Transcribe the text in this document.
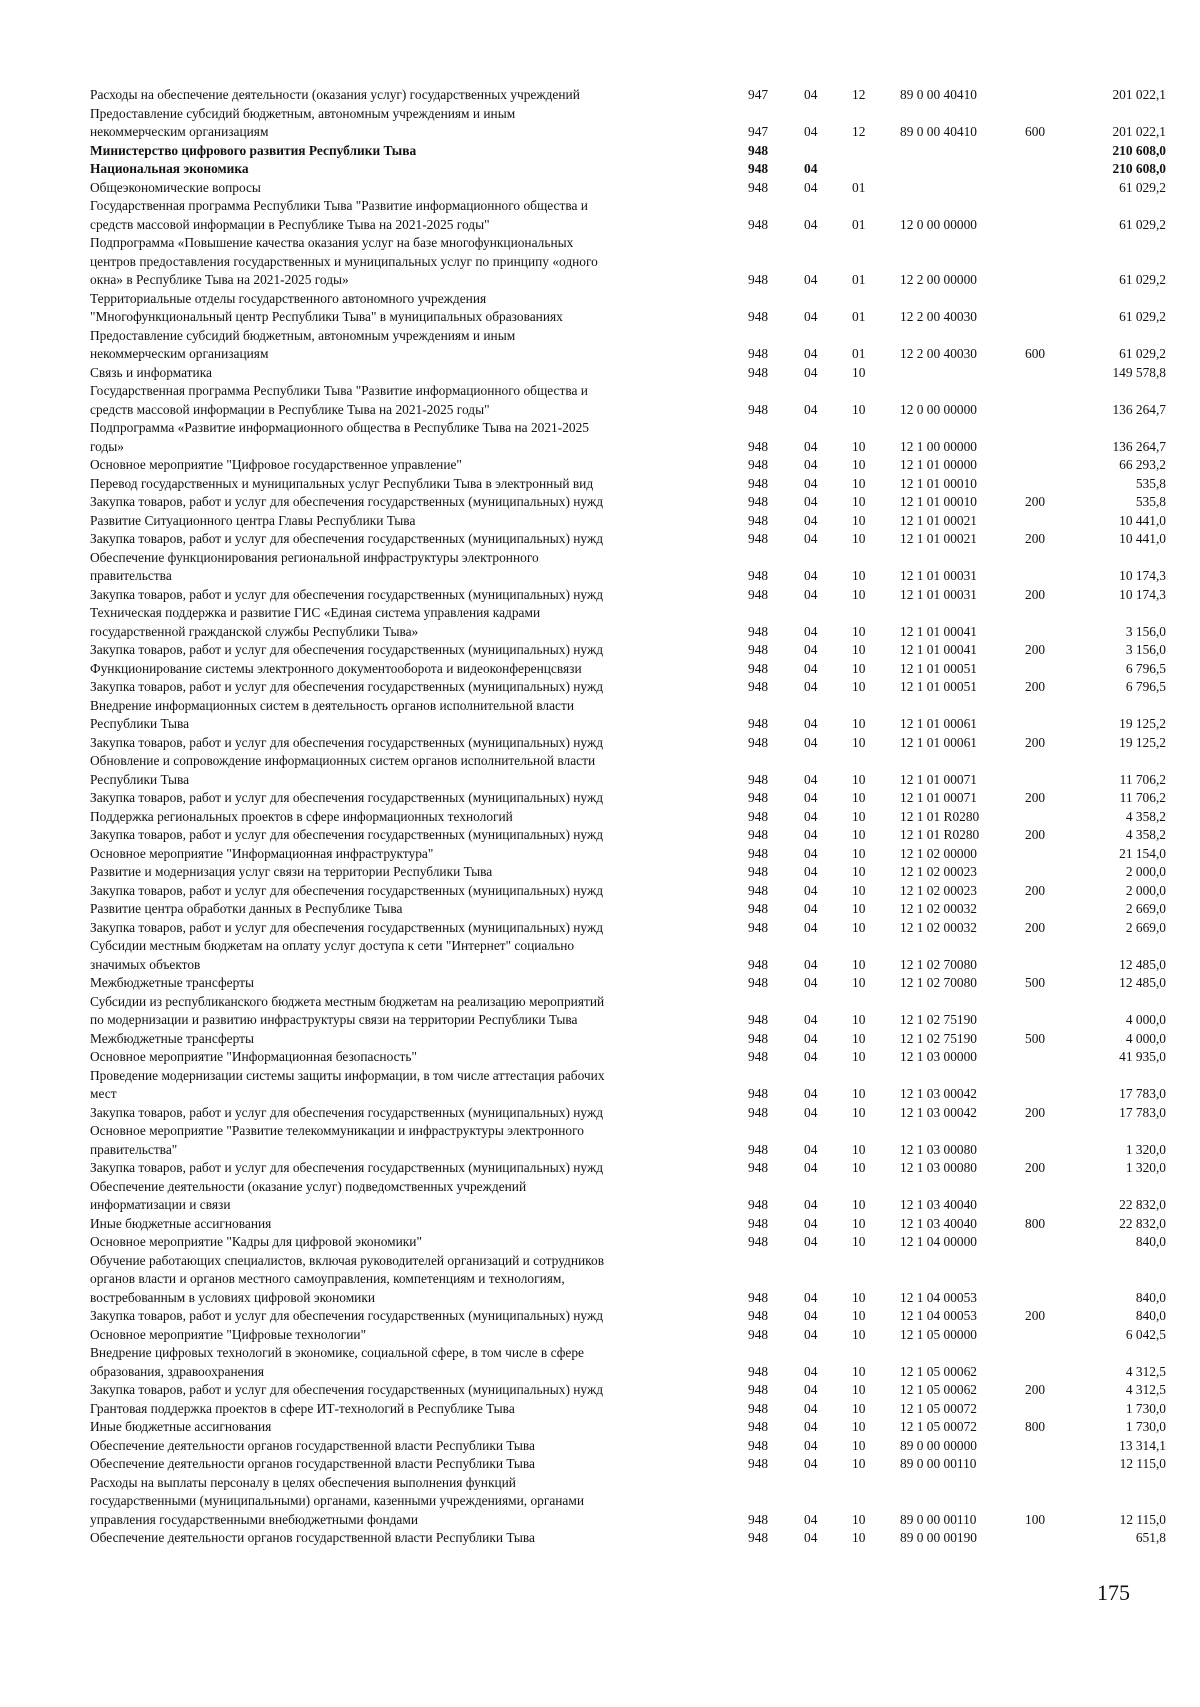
Расходы на обеспечение деятельности (оказания услуг) государственных учреждений	947	04	12	89 0 00 40410		201 022,1
Предоставление субсидий бюджетным, автономным учреждениям и иным
некоммерческим организациям	947	04	12	89 0 00 40410	600	201 022,1
Министерство цифрового развития Республики Тыва	948					210 608,0
Национальная экономика	948	04				210 608,0
Общеэкономические вопросы	948	04	01			61 029,2
Государственная программа Республики Тыва "Развитие информационного общества и
средств массовой информации в Республике Тыва на 2021-2025 годы"	948	04	01	12 0 00 00000		61 029,2
Подпрограмма «Повышение качества оказания услуг на базе многофункциональных
центров предоставления государственных и муниципальных услуг по принципу «одного
окна» в Республике Тыва на 2021-2025 годы»	948	04	01	12 2 00 00000		61 029,2
Территориальные отделы государственного автономного учреждения
"Многофункциональный центр Республики Тыва" в муниципальных образованиях	948	04	01	12 2 00 40030		61 029,2
Предоставление субсидий бюджетным, автономным учреждениям и иным
некоммерческим организациям	948	04	01	12 2 00 40030	600	61 029,2
Связь и информатика	948	04	10			149 578,8
Государственная программа Республики Тыва "Развитие информационного общества и
средств массовой информации в Республике Тыва на 2021-2025 годы"	948	04	10	12 0 00 00000		136 264,7
Подпрограмма «Развитие информационного общества в Республике Тыва на 2021-2025
годы»	948	04	10	12 1 00 00000		136 264,7
Основное мероприятие "Цифровое государственное управление"	948	04	10	12 1 01 00000		66 293,2
Перевод государственных и муниципальных услуг Республики Тыва в электронный вид	948	04	10	12 1 01 00010		535,8
Закупка товаров, работ и услуг для обеспечения государственных (муниципальных) нужд	948	04	10	12 1 01 00010	200	535,8
Развитие Ситуационного центра Главы Республики Тыва	948	04	10	12 1 01 00021		10 441,0
Закупка товаров, работ и услуг для обеспечения государственных (муниципальных) нужд	948	04	10	12 1 01 00021	200	10 441,0
Обеспечение функционирования региональной инфраструктуры электронного
правительства	948	04	10	12 1 01 00031		10 174,3
Закупка товаров, работ и услуг для обеспечения государственных (муниципальных) нужд	948	04	10	12 1 01 00031	200	10 174,3
Техническая поддержка и развитие ГИС «Единая система управления кадрами
государственной гражданской службы Республики Тыва»	948	04	10	12 1 01 00041		3 156,0
Закупка товаров, работ и услуг для обеспечения государственных (муниципальных) нужд	948	04	10	12 1 01 00041	200	3 156,0
Функционирование системы электронного документооборота и видеоконференцсвязи	948	04	10	12 1 01 00051		6 796,5
Закупка товаров, работ и услуг для обеспечения государственных (муниципальных) нужд	948	04	10	12 1 01 00051	200	6 796,5
Внедрение информационных систем в деятельность органов исполнительной власти
Республики Тыва	948	04	10	12 1 01 00061		19 125,2
Закупка товаров, работ и услуг для обеспечения государственных (муниципальных) нужд	948	04	10	12 1 01 00061	200	19 125,2
Обновление и сопровождение информационных систем органов исполнительной власти
Республики Тыва	948	04	10	12 1 01 00071		11 706,2
Закупка товаров, работ и услуг для обеспечения государственных (муниципальных) нужд	948	04	10	12 1 01 00071	200	11 706,2
Поддержка региональных проектов в сфере информационных технологий	948	04	10	12 1 01 R0280		4 358,2
Закупка товаров, работ и услуг для обеспечения государственных (муниципальных) нужд	948	04	10	12 1 01 R0280	200	4 358,2
Основное мероприятие "Информационная инфраструктура"	948	04	10	12 1 02 00000		21 154,0
Развитие и модернизация услуг связи на территории Республики Тыва	948	04	10	12 1 02 00023		2 000,0
Закупка товаров, работ и услуг для обеспечения государственных (муниципальных) нужд	948	04	10	12 1 02 00023	200	2 000,0
Развитие центра обработки данных в Республике Тыва	948	04	10	12 1 02 00032		2 669,0
Закупка товаров, работ и услуг для обеспечения государственных (муниципальных) нужд	948	04	10	12 1 02 00032	200	2 669,0
Субсидии местным бюджетам на оплату услуг доступа к сети "Интернет" социально
значимых объектов	948	04	10	12 1 02 70080		12 485,0
Межбюджетные трансферты	948	04	10	12 1 02 70080	500	12 485,0
Субсидии из республиканского бюджета местным бюджетам на реализацию мероприятий
по модернизации и развитию инфраструктуры связи на территории Республики Тыва	948	04	10	12 1 02 75190		4 000,0
Межбюджетные трансферты	948	04	10	12 1 02 75190	500	4 000,0
Основное мероприятие "Информационная безопасность"	948	04	10	12 1 03 00000		41 935,0
Проведение модернизации системы защиты информации, в том числе аттестация рабочих
мест	948	04	10	12 1 03 00042		17 783,0
Закупка товаров, работ и услуг для обеспечения государственных (муниципальных) нужд	948	04	10	12 1 03 00042	200	17 783,0
Основное мероприятие "Развитие телекоммуникации и инфраструктуры электронного
правительства"	948	04	10	12 1 03 00080		1 320,0
Закупка товаров, работ и услуг для обеспечения государственных (муниципальных) нужд	948	04	10	12 1 03 00080	200	1 320,0
Обеспечение деятельности (оказание услуг) подведомственных учреждений
информатизации и связи	948	04	10	12 1 03 40040		22 832,0
Иные бюджетные ассигнования	948	04	10	12 1 03 40040	800	22 832,0
Основное мероприятие "Кадры для цифровой экономики"	948	04	10	12 1 04 00000		840,0
Обучение работающих специалистов, включая руководителей организаций и сотрудников
органов власти и органов местного самоуправления, компетенциям и технологиям,
востребованным в условиях цифровой экономики	948	04	10	12 1 04 00053		840,0
Закупка товаров, работ и услуг для обеспечения государственных (муниципальных) нужд	948	04	10	12 1 04 00053	200	840,0
Основное мероприятие "Цифровые технологии"	948	04	10	12 1 05 00000		6 042,5
Внедрение цифровых технологий в экономике, социальной сфере, в том числе в сфере
образования, здравоохранения	948	04	10	12 1 05 00062		4 312,5
Закупка товаров, работ и услуг для обеспечения государственных (муниципальных) нужд	948	04	10	12 1 05 00062	200	4 312,5
Грантовая поддержка проектов в сфере ИТ-технологий в Республике Тыва	948	04	10	12 1 05 00072		1 730,0
Иные бюджетные ассигнования	948	04	10	12 1 05 00072	800	1 730,0
Обеспечение деятельности органов государственной власти Республики Тыва	948	04	10	89 0 00 00000		13 314,1
Обеспечение деятельности органов государственной власти Республики Тыва	948	04	10	89 0 00 00110		12 115,0
Расходы на выплаты персоналу в целях обеспечения выполнения функций
государственными (муниципальными) органами, казенными учреждениями, органами
управления государственными внебюджетными фондами	948	04	10	89 0 00 00110	100	12 115,0
Обеспечение деятельности органов государственной власти Республики Тыва	948	04	10	89 0 00 00190		651,8
175
